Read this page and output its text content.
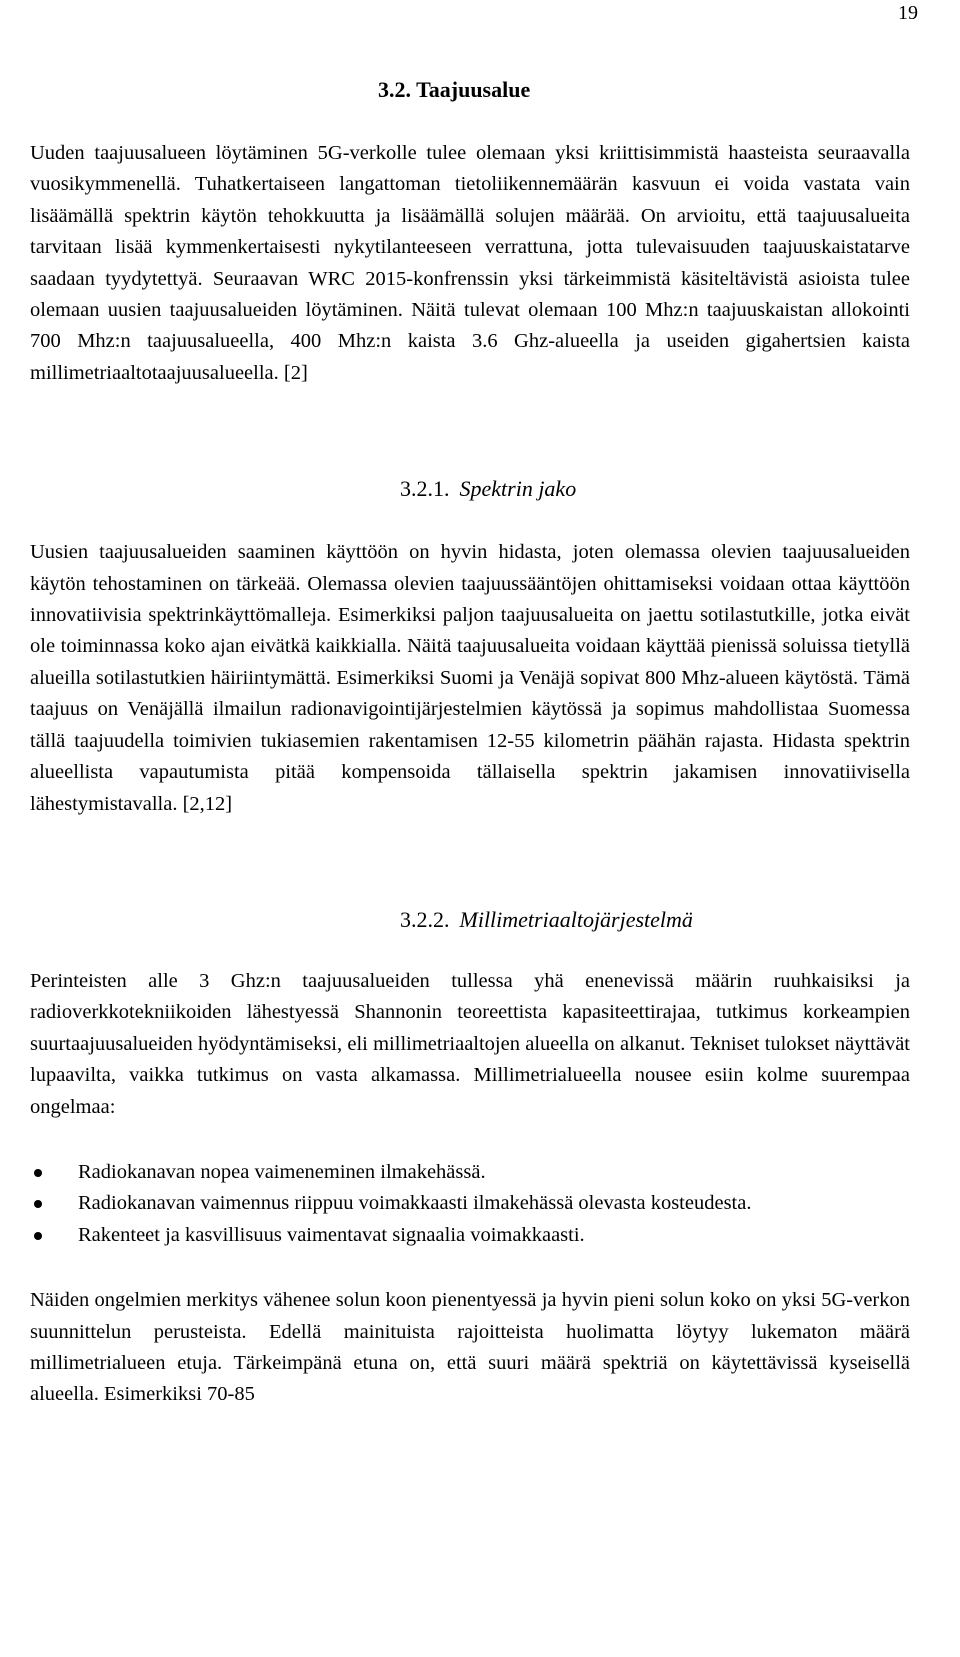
19
3.2. Taajuusalue

Uuden taajuusalueen löytäminen 5G-verkolle tulee olemaan yksi kriittisimmistä haasteista seuraavalla vuosikymmenellä. Tuhatkertaiseen langattoman tietoliikennemäärän kasvuun ei voida vastata vain lisäämällä spektrin käytön tehokkuutta ja lisäämällä solujen määrää. On arvioitu, että taajuusalueita tarvitaan lisää kymmenkertaisesti nykytilanteeseen verrattuna, jotta tulevaisuuden taajuuskaistatarve saadaan tyydytettyä. Seuraavan WRC 2015-konfrenssin yksi tärkeimmistä käsiteltävistä asioista tulee olemaan uusien taajuusalueiden löytäminen. Näitä tulevat olemaan 100 Mhz:n taajuuskaistan allokointi 700 Mhz:n taajuusalueella, 400 Mhz:n kaista 3.6 Ghz-alueella ja useiden gigahertsien kaista millimetriaaltotaajuusalueella. [2]

3.2.1. Spektrin jako

Uusien taajuusalueiden saaminen käyttöön on hyvin hidasta, joten olemassa olevien taajuusalueiden käytön tehostaminen on tärkeää. Olemassa olevien taajuussääntöjen ohittamiseksi voidaan ottaa käyttöön innovatiivisia spektrinkäyttömalleja. Esimerkiksi paljon taajuusalueita on jaettu sotilastutkille, jotka eivät ole toiminnassa koko ajan eivätkä kaikkialla. Näitä taajuusalueita voidaan käyttää pienissä soluissa tietyllä alueilla sotilastutkien häiriintymättä. Esimerkiksi Suomi ja Venäjä sopivat 800 Mhz-alueen käytöstä. Tämä taajuus on Venäjällä ilmailun radionavigointijärjestelmien käytössä ja sopimus mahdollistaa Suomessa tällä taajuudella toimivien tukiasemien rakentamisen 12-55 kilometrin päähän rajasta. Hidasta spektrin alueellista vapautumista pitää kompensoida tällaisella spektrin jakamisen innovatiivisella lähestymistavalla. [2,12]

3.2.2. Millimetriaaltojärjestelmä

Perinteisten alle 3 Ghz:n taajuusalueiden tullessa yhä enenevissä määrin ruuhkaisiksi ja radioverkkotekniikoiden lähestyessä Shannonin teoreettista kapasiteettirajaa, tutkimus korkeampien suurtaajuusalueiden hyödyntämiseksi, eli millimetriaaltojen alueella on alkanut. Tekniset tulokset näyttävät lupaavilta, vaikka tutkimus on vasta alkamassa. Millimetrialueella nousee esiin kolme suurempaa ongelmaa:

Radiokanavan nopea vaimeneminen ilmakehässä.
Radiokanavan vaimennus riippuu voimakkaasti ilmakehässä olevasta kosteudesta.
Rakenteet ja kasvillisuus vaimentavat signaalia voimakkaasti.

Näiden ongelmien merkitys vähenee solun koon pienentyessä ja hyvin pieni solun koko on yksi 5G-verkon suunnittelun perusteista. Edellä mainituista rajoitteista huolimatta löytyy lukematon määrä millimetrialueen etuja. Tärkeimpänä etuna on, että suuri määrä spektriä on käytettävissä kyseisellä alueella. Esimerkiksi 70-85
